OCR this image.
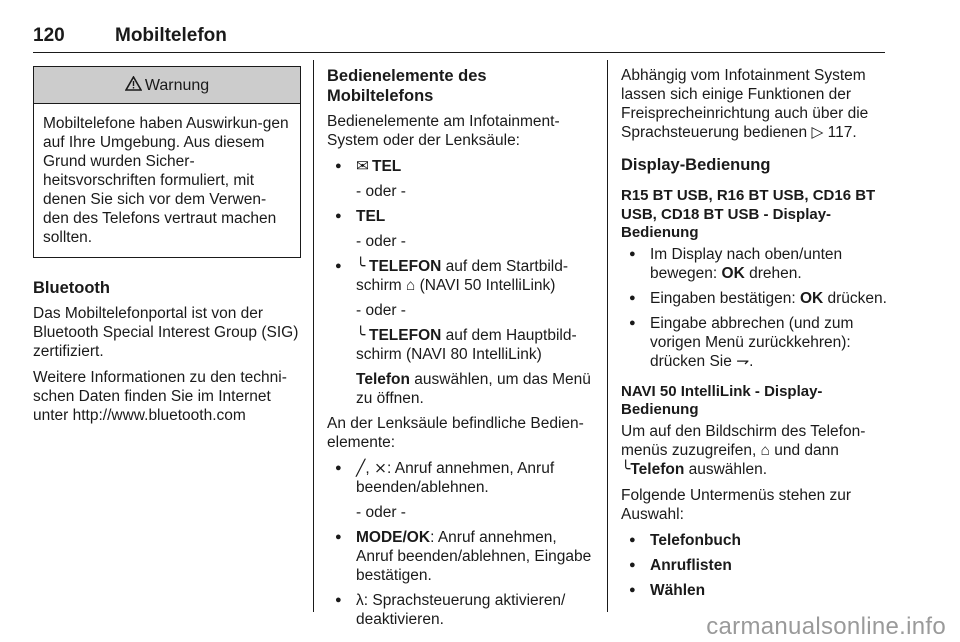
120	Mobiltelefon
Warnung
Mobiltelefone haben Auswirkun-gen auf Ihre Umgebung. Aus diesem Grund wurden Sicher-heitsvorschriften formuliert, mit denen Sie sich vor dem Verwen-den des Telefons vertraut machen sollten.
Bluetooth

Das Mobiltelefonportal ist von der Bluetooth Special Interest Group (SIG) zertifiziert.

Weitere Informationen zu den techni-schen Daten finden Sie im Internet unter http://www.bluetooth.com

Bedienelemente des Mobiltelefons

Bedienelemente am Infotainment-System oder der Lenksäule:

● ✉ TEL
- oder -
● TEL
- oder -
● ╰ TELEFON auf dem Startbild-schirm ⌂ (NAVI 50 IntelliLink)
- oder -
╰ TELEFON auf dem Hauptbild-schirm (NAVI 80 IntelliLink)
Telefon auswählen, um das Menü zu öffnen.

An der Lenksäule befindliche Bedien-elemente:

● ╱, ⨯: Anruf annehmen, Anruf beenden/ablehnen.
- oder -
● MODE/OK: Anruf annehmen, Anruf beenden/ablehnen, Eingabe bestätigen.
● λ: Sprachsteuerung aktivieren/ deaktivieren.

Abhängig vom Infotainment System lassen sich einige Funktionen der Freisprecheinrichtung auch über die Sprachsteuerung bedienen ▷ 117.

Display-Bedienung
R15 BT USB, R16 BT USB, CD16 BT USB, CD18 BT USB - Display-Bedienung
● Im Display nach oben/unten bewegen: OK drehen.
● Eingaben bestätigen: OK drücken.
● Eingabe abbrechen (und zum vorigen Menü zurückkehren): drücken Sie ⇁.
NAVI 50 IntelliLink - Display-Bedienung

Um auf den Bildschirm des Telefon-menüs zuzugreifen, ⌂ und dann ╰Telefon auswählen.

Folgende Untermenüs stehen zur Auswahl:

● Telefonbuch
● Anruflisten
● Wählen
carmanualsonline.info
